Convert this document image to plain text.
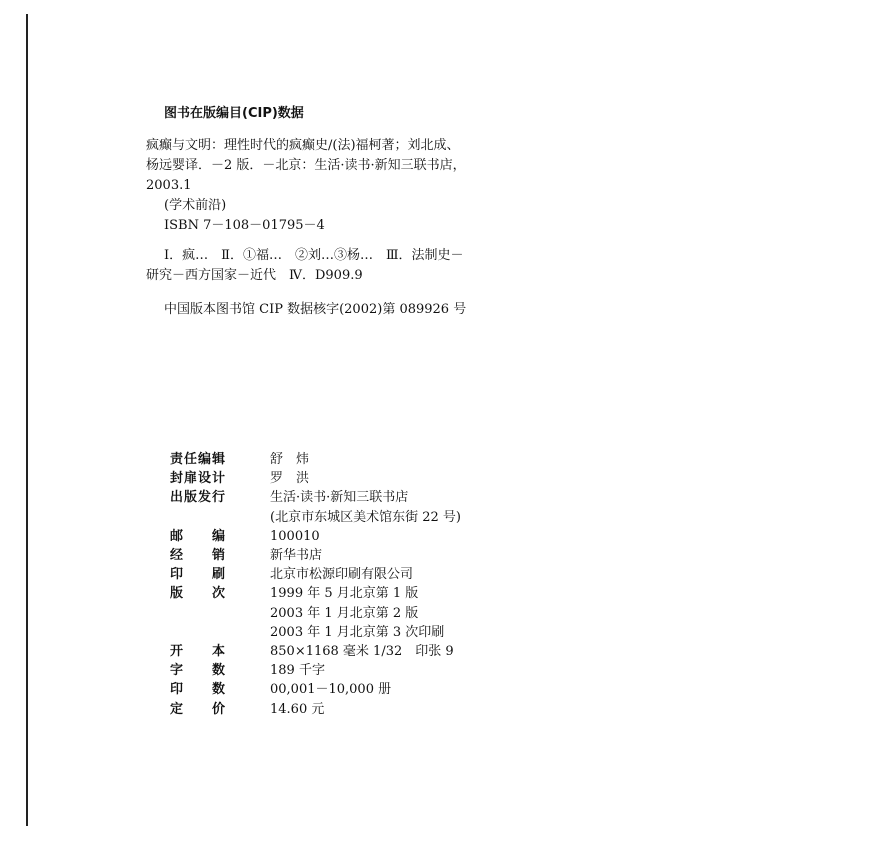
图书在版编目(CIP)数据
疯癫与文明：理性时代的疯癫史/(法)福柯著；刘北成、
杨远婴译．－2 版．－北京：生活·读书·新知三联书店，
2003.1
(学术前沿)
ISBN 7－108－01795－4
Ⅰ．疯…　Ⅱ．①福…　②刘…③杨…　Ⅲ．法制史－
研究－西方国家－近代　Ⅳ．D909.9
中国版本图书馆 CIP 数据核字(2002)第 089926 号
责任编辑	舒　炜
封扉设计	罗　洪
出版发行	生活·读书·新知三联书店
(北京市东城区美术馆东街 22 号)
邮　　编	100010
经　　销	新华书店
印　　刷	北京市松源印刷有限公司
版　　次	1999 年 5 月北京第 1 版
2003 年 1 月北京第 2 版
2003 年 1 月北京第 3 次印刷
开　　本	850×1168 毫米 1/32　印张 9
字　　数	189 千字
印　　数	00,001－10,000 册
定　　价	14.60 元
